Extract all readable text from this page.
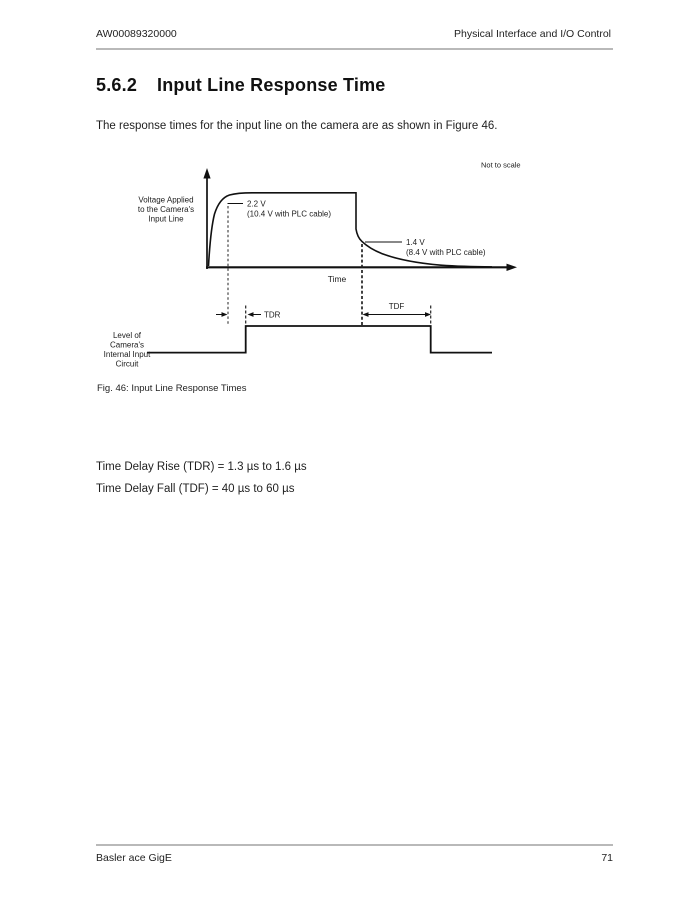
AW00089320000	Physical Interface and I/O Control
5.6.2 Input Line Response Time

The response times for the input line on the camera are as shown in Figure 46.

Not to scale
2.2 V
(10.4 V with PLC cable)
1.4 V
(8.4 V with PLC cable)
Time
TDR
TDF
Voltage Applied
to the Camera's
Input Line
Level of
Camera's
Internal Input
Circuit
Fig. 46: Input Line Response Times

Time Delay Rise (TDR) = 1.3 µs to 1.6 µs

Time Delay Fall (TDF) = 40 µs to 60 µs

Basler ace GigE	71
